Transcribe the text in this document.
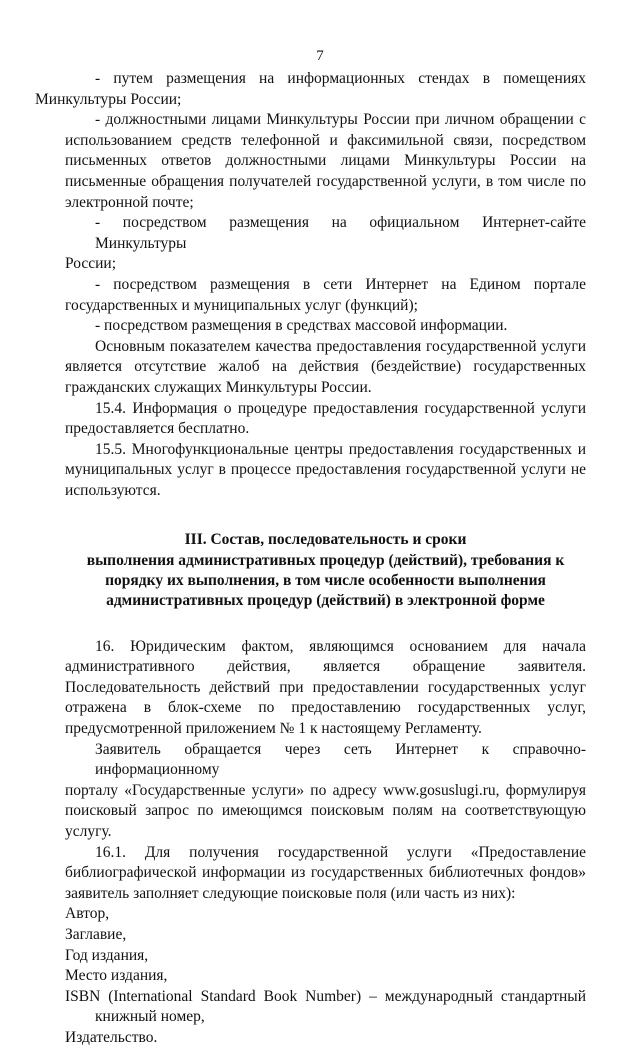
7
- путем размещения на информационных стендах в помещениях
Минкультуры России;
- должностными лицами Минкультуры России при личном обращении с
использованием средств телефонной и факсимильной связи, посредством
письменных ответов должностными лицами Минкультуры России на
письменные обращения получателей государственной услуги, в том числе по
электронной почте;
- посредством размещения на официальном Интернет-сайте Минкультуры
России;
- посредством размещения в сети Интернет на Едином портале
государственных и муниципальных услуг (функций);
- посредством размещения в средствах массовой информации.
Основным показателем качества предоставления государственной услуги
является отсутствие жалоб на действия (бездействие) государственных
гражданских служащих Минкультуры России.
15.4. Информация о процедуре предоставления государственной услуги
предоставляется бесплатно.
15.5. Многофункциональные центры предоставления государственных и
муниципальных услуг в процессе предоставления государственной услуги не
используются.
III. Состав, последовательность и сроки
выполнения административных процедур (действий), требования к
порядку их выполнения, в том числе особенности выполнения
административных процедур (действий) в электронной форме
16. Юридическим фактом, являющимся основанием для начала
административного действия, является обращение заявителя.
Последовательность действий при предоставлении государственных услуг
отражена в блок-схеме по предоставлению государственных услуг,
предусмотренной приложением № 1 к настоящему Регламенту.
Заявитель обращается через сеть Интернет к справочно-информационному
порталу «Государственные услуги» по адресу www.gosuslugi.ru, формулируя
поисковый запрос по имеющимся поисковым полям на соответствующую
услугу.
16.1. Для получения государственной услуги «Предоставление
библиографической информации из государственных библиотечных фондов»
заявитель заполняет следующие поисковые поля (или часть из них):
Автор,
Заглавие,
Год издания,
Место издания,
ISBN (International Standard Book Number) – международный стандартный
книжный номер,
Издательство.
